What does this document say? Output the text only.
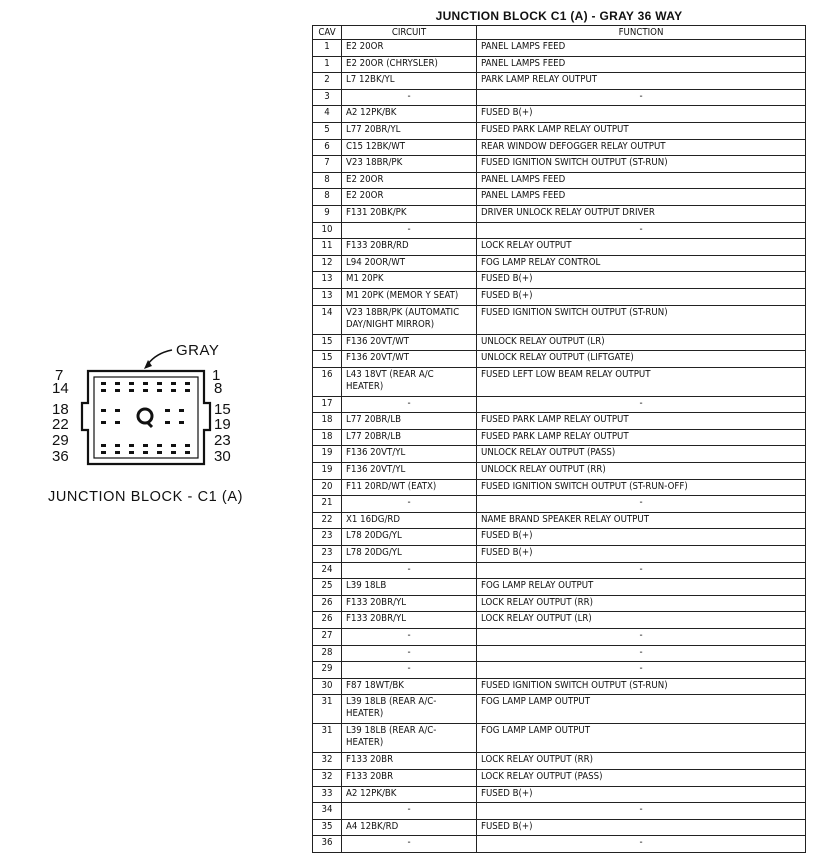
GRAY
7	1
14	8
18	15
22	19
29	23
36	30
JUNCTION BLOCK - C1 (A)
JUNCTION BLOCK C1 (A) - GRAY 36 WAY
CAV	CIRCUIT	FUNCTION
1	E2 20OR	PANEL LAMPS FEED
1	E2 20OR (CHRYSLER)	PANEL LAMPS FEED
2	L7 12BK/YL	PARK LAMP RELAY OUTPUT
3	-	-
4	A2 12PK/BK	FUSED B(+)
5	L77 20BR/YL	FUSED PARK LAMP RELAY OUTPUT
6	C15 12BK/WT	REAR WINDOW DEFOGGER RELAY OUTPUT
7	V23 18BR/PK	FUSED IGNITION SWITCH OUTPUT (ST-RUN)
8	E2 20OR	PANEL LAMPS FEED
8	E2 20OR	PANEL LAMPS FEED
9	F131 20BK/PK	DRIVER UNLOCK RELAY OUTPUT DRIVER
10	-	-
11	F133 20BR/RD	LOCK RELAY OUTPUT
12	L94 20OR/WT	FOG LAMP RELAY CONTROL
13	M1 20PK	FUSED B(+)
13	M1 20PK (MEMOR Y SEAT)	FUSED B(+)
14	V23 18BR/PK (AUTOMATIC DAY/NIGHT MIRROR)	FUSED IGNITION SWITCH OUTPUT (ST-RUN)
15	F136 20VT/WT	UNLOCK RELAY OUTPUT (LR)
15	F136 20VT/WT	UNLOCK RELAY OUTPUT (LIFTGATE)
16	L43 18VT (REAR A/C HEATER)	FUSED LEFT LOW BEAM RELAY OUTPUT
17	-	-
18	L77 20BR/LB	FUSED PARK LAMP RELAY OUTPUT
18	L77 20BR/LB	FUSED PARK LAMP RELAY OUTPUT
19	F136 20VT/YL	UNLOCK RELAY OUTPUT (PASS)
19	F136 20VT/YL	UNLOCK RELAY OUTPUT (RR)
20	F11 20RD/WT (EATX)	FUSED IGNITION SWITCH OUTPUT (ST-RUN-OFF)
21	-	-
22	X1 16DG/RD	NAME BRAND SPEAKER RELAY OUTPUT
23	L78 20DG/YL	FUSED B(+)
23	L78 20DG/YL	FUSED B(+)
24	-	-
25	L39 18LB	FOG LAMP RELAY OUTPUT
26	F133 20BR/YL	LOCK RELAY OUTPUT (RR)
26	F133 20BR/YL	LOCK RELAY OUTPUT (LR)
27	-	-
28	-	-
29	-	-
30	F87 18WT/BK	FUSED IGNITION SWITCH OUTPUT (ST-RUN)
31	L39 18LB (REAR A/C-HEATER)	FOG LAMP LAMP OUTPUT
31	L39 18LB (REAR A/C-HEATER)	FOG LAMP LAMP OUTPUT
32	F133 20BR	LOCK RELAY OUTPUT (RR)
32	F133 20BR	LOCK RELAY OUTPUT (PASS)
33	A2 12PK/BK	FUSED B(+)
34	-	-
35	A4 12BK/RD	FUSED B(+)
36	-	-
